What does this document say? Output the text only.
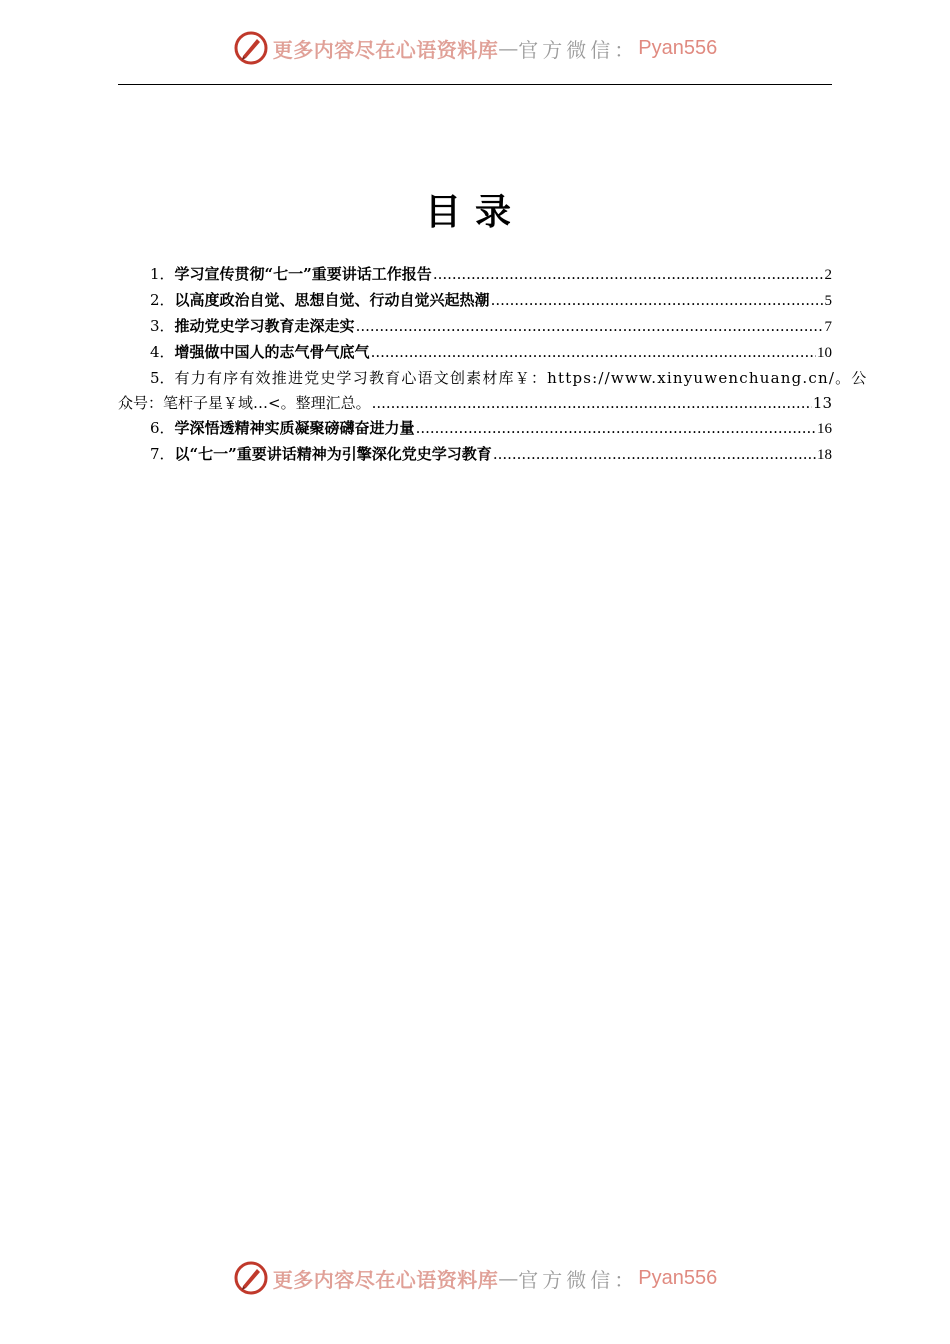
更多内容尽在心语资料库 — 官方微信： Pyan556
目录
1． 学习宣传贯彻“七一”重要讲话工作报告 .....	2
2． 以高度政治自觉、思想自觉、行动自觉兴起热潮 .....	5
3． 推动党史学习教育走深走实 .....	7
4． 增强做中国人的志气骨气底气 .....	10
5． 有力有序有效推进党史学习教育心语文创素材库￥：https://www.xinyuwenchuang.cn/。公
众号：笔杆子星￥域…<。整理汇总。 .....	13
6． 学深悟透精神实质凝聚磅礴奋进力量 .....	16
7． 以“七一”重要讲话精神为引擎深化党史学习教育 .....	18
更多内容尽在心语资料库 — 官方微信： Pyan556
